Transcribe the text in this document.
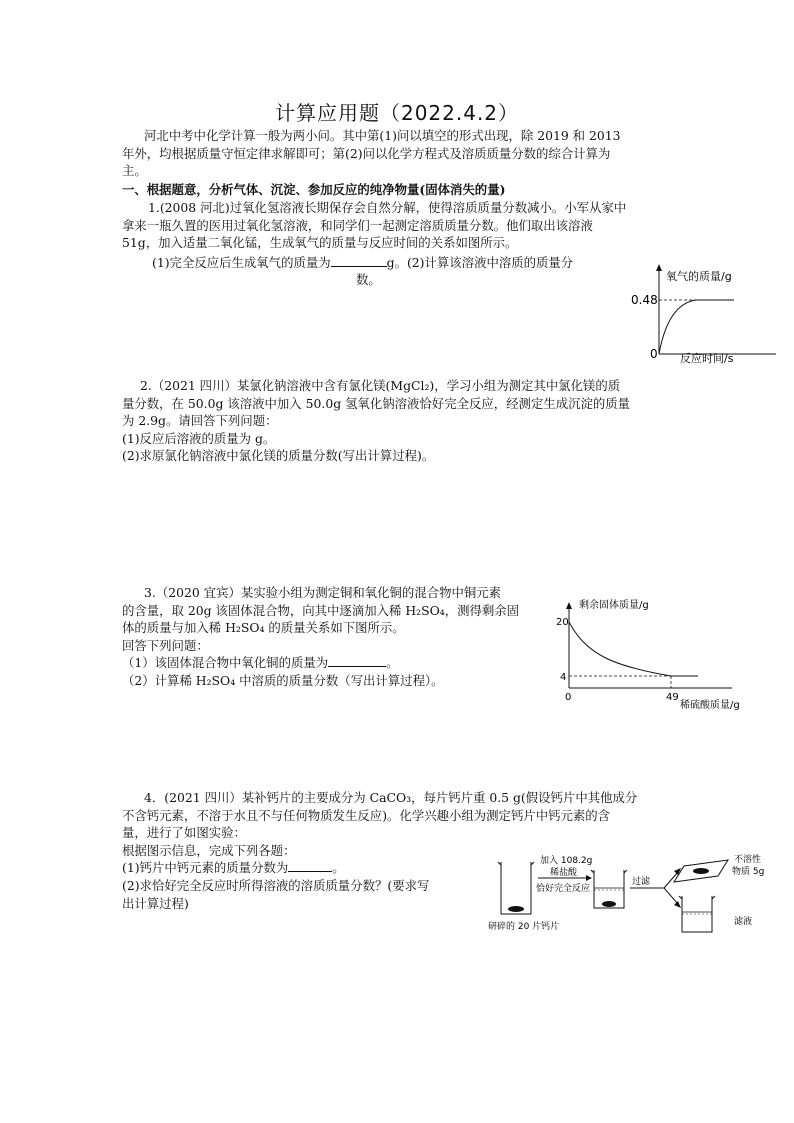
计算应用题（2022.4.2）
河北中考中化学计算一般为两小问。其中第(1)问以填空的形式出现，除 2019 和 2013
年外，均根据质量守恒定律求解即可；第(2)问以化学方程式及溶质质量分数的综合计算为
主。
一、根据题意，分析气体、沉淀、参加反应的纯净物量(固体消失的量)
1.(2008 河北)过氧化氢溶液长期保存会自然分解，使得溶质质量分数减小。小军从家中
拿来一瓶久置的医用过氧化氢溶液，和同学们一起测定溶质质量分数。他们取出该溶液
51g，加入适量二氧化锰，生成氧气的质量与反应时间的关系如图所示。
(1)完全反应后生成氧气的质量为	g。(2)计算该溶液中溶质的质量分
数。	氧气的质量/g
0.48
0 反应时间/s
2.（2021 四川）某氯化钠溶液中含有氯化镁(MgCl₂)，学习小组为测定其中氯化镁的质
量分数，在 50.0g 该溶液中加入 50.0g 氢氧化钠溶液恰好完全反应，经测定生成沉淀的质量
为 2.9g。请回答下列问题：
(1)反应后溶液的质量为 g。
(2)求原氯化钠溶液中氯化镁的质量分数(写出计算过程)。
3.（2020 宜宾）某实验小组为测定铜和氧化铜的混合物中铜元素
的含量，取 20g 该固体混合物，向其中逐滴加入稀 H₂SO₄，测得剩余固
体的质量与加入稀 H₂SO₄ 的质量关系如下图所示。
回答下列问题：
（1）该固体混合物中氧化铜的质量为	。
（2）计算稀 H₂SO₄ 中溶质的质量分数（写出计算过程）。
剩余固体质量/g
20
4
0	49
稀硫酸质量/g
4．(2021 四川）某补钙片的主要成分为 CaCO₃，每片钙片重 0.5 g(假设钙片中其他成分
不含钙元素，不溶于水且不与任何物质发生反应)。化学兴趣小组为测定钙片中钙元素的含
量，进行了如图实验：
根据图示信息，完成下列各题：
(1)钙片中钙元素的质量分数为	。
(2)求恰好完全反应时所得溶液的溶质质量分数？(要求写
出计算过程)
研碎的 20 片钙片
加入 108.2g
稀盐酸
恰好完全反应
过滤
不溶性
物质 5g
滤液
